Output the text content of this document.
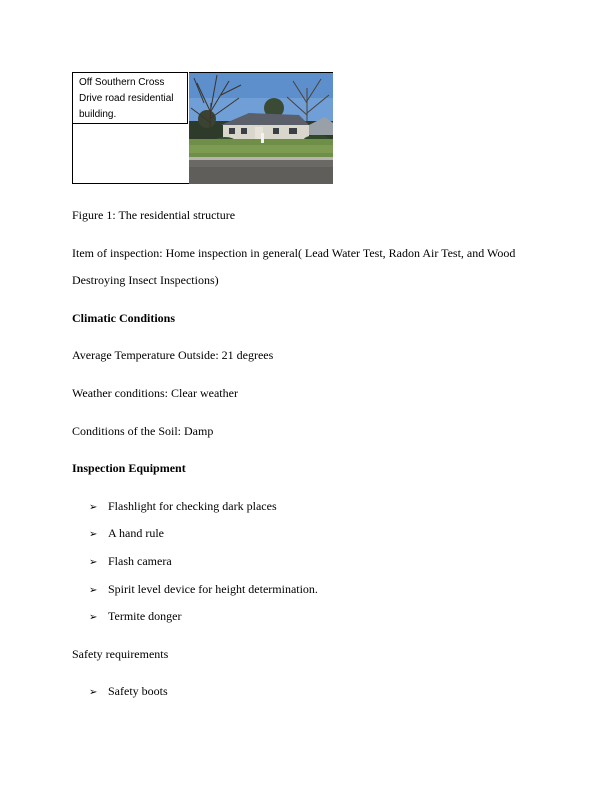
Off Southern Cross Drive road residential building.
Figure 1: The residential structure
Item of inspection: Home inspection in general( Lead Water Test, Radon Air Test, and Wood
Destroying Insect Inspections)
Climatic Conditions
Average Temperature Outside: 21 degrees
Weather conditions: Clear weather
Conditions of the Soil: Damp
Inspection Equipment
➢ Flashlight for checking dark places
➢ A hand rule
➢ Flash camera
➢ Spirit level device for height determination.
➢ Termite donger
Safety requirements
➢ Safety boots
